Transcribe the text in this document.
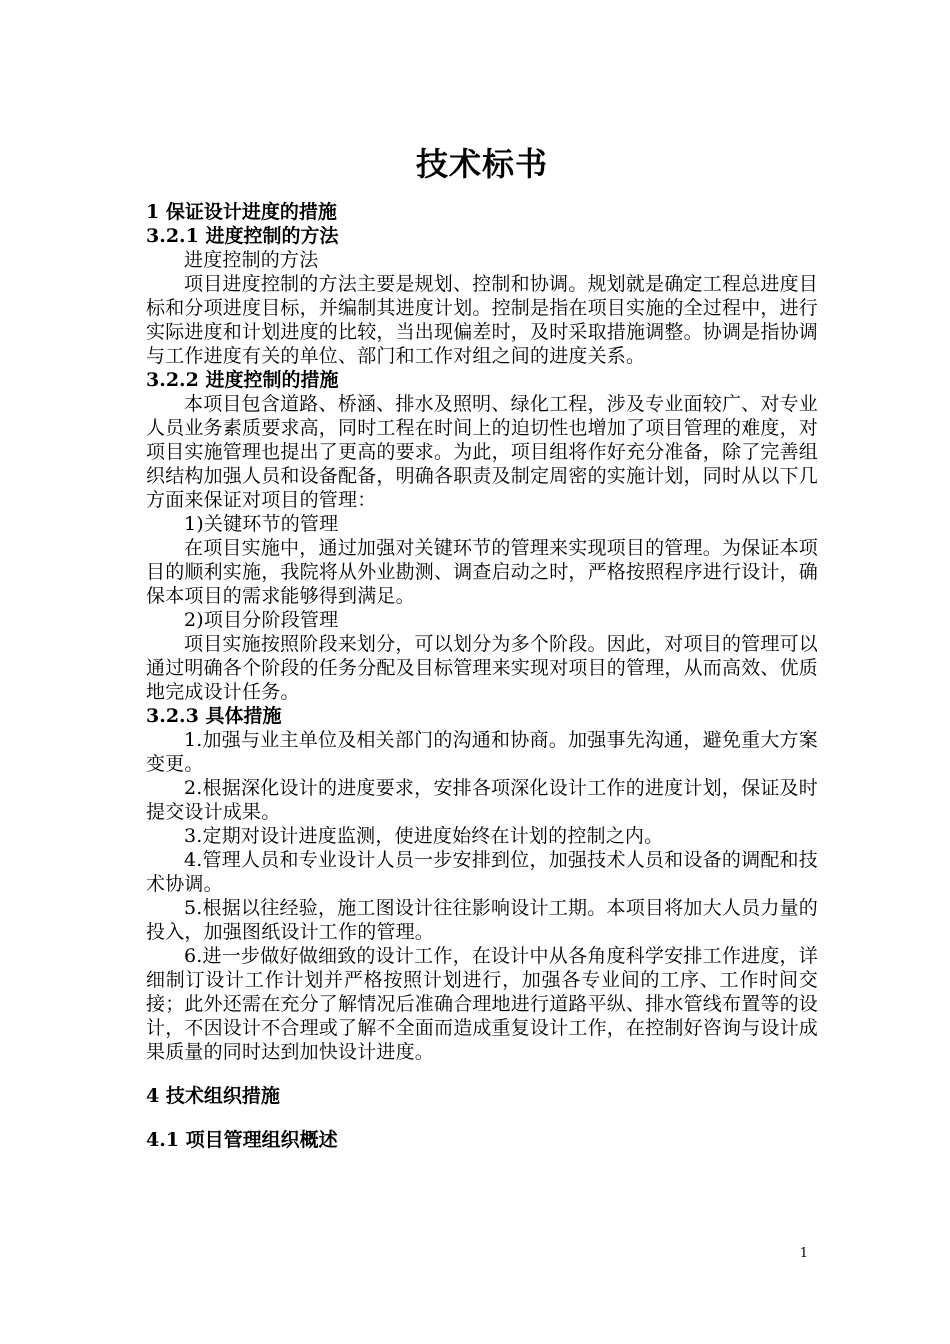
技术标书
1 保证设计进度的措施
3.2.1 进度控制的方法
进度控制的方法
项目进度控制的方法主要是规划、控制和协调。规划就是确定工程总进度目标和分项进度目标，并编制其进度计划。控制是指在项目实施的全过程中，进行实际进度和计划进度的比较，当出现偏差时，及时采取措施调整。协调是指协调与工作进度有关的单位、部门和工作对组之间的进度关系。
3.2.2 进度控制的措施
本项目包含道路、桥涵、排水及照明、绿化工程，涉及专业面较广、对专业人员业务素质要求高，同时工程在时间上的迫切性也增加了项目管理的难度，对项目实施管理也提出了更高的要求。为此，项目组将作好充分准备，除了完善组织结构加强人员和设备配备，明确各职责及制定周密的实施计划，同时从以下几方面来保证对项目的管理：
1)关键环节的管理
在项目实施中，通过加强对关键环节的管理来实现项目的管理。为保证本项目的顺利实施，我院将从外业勘测、调查启动之时，严格按照程序进行设计，确保本项目的需求能够得到满足。
2)项目分阶段管理
项目实施按照阶段来划分，可以划分为多个阶段。因此，对项目的管理可以通过明确各个阶段的任务分配及目标管理来实现对项目的管理，从而高效、优质地完成设计任务。
3.2.3 具体措施
1.加强与业主单位及相关部门的沟通和协商。加强事先沟通，避免重大方案变更。
2.根据深化设计的进度要求，安排各项深化设计工作的进度计划，保证及时提交设计成果。
3.定期对设计进度监测，使进度始终在计划的控制之内。
4.管理人员和专业设计人员一步安排到位，加强技术人员和设备的调配和技术协调。
5.根据以往经验，施工图设计往往影响设计工期。本项目将加大人员力量的投入，加强图纸设计工作的管理。
6.进一步做好做细致的设计工作，在设计中从各角度科学安排工作进度，详细制订设计工作计划并严格按照计划进行，加强各专业间的工序、工作时间交接；此外还需在充分了解情况后准确合理地进行道路平纵、排水管线布置等的设计，不因设计不合理或了解不全面而造成重复设计工作，在控制好咨询与设计成果质量的同时达到加快设计进度。
4 技术组织措施
4.1 项目管理组织概述
1
